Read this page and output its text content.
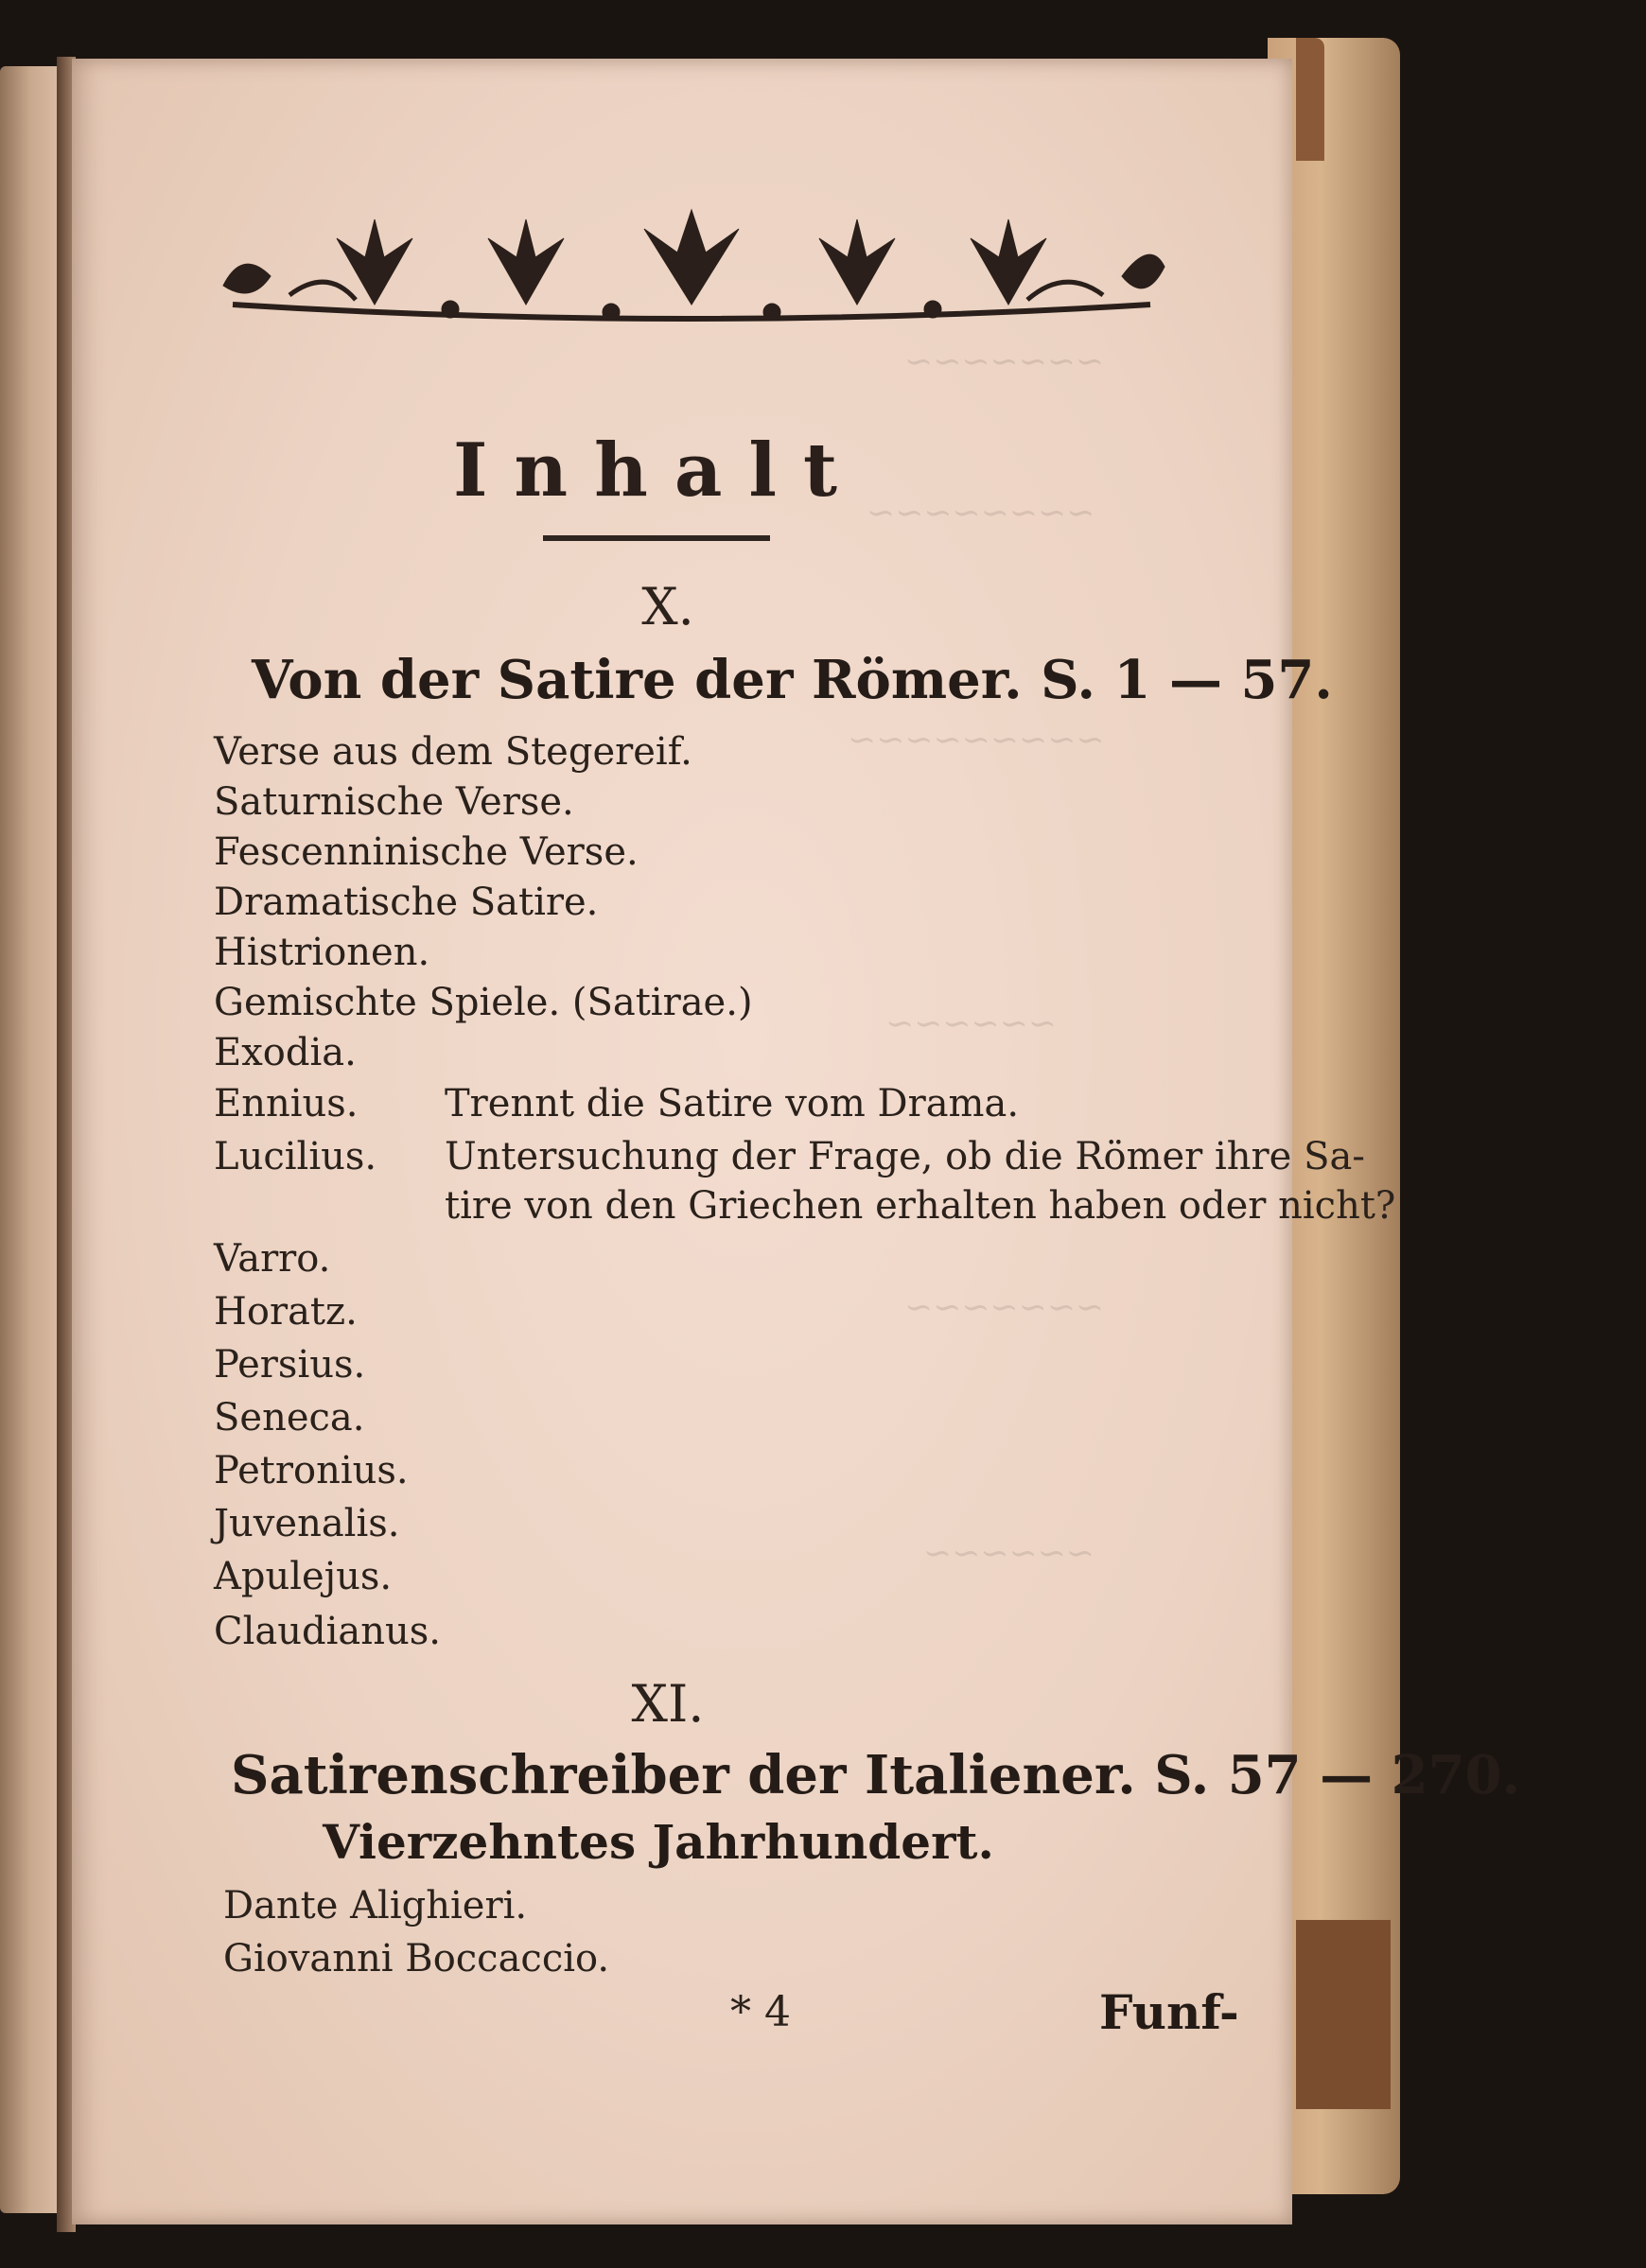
~~~~~~~
~~~~~~~~
~~~~~~~~~
~~~~~~
~~~~~~~
~~~~~~
Inhalt
X.
Von der Satire der Römer. S. 1 — 57.
Verse aus dem Stegereif.
Saturnische Verse.
Fescenninische Verse.
Dramatische Satire.
Histrionen.
Gemischte Spiele. (Satirae.)
Exodia.
Ennius. Trennt die Satire vom Drama.
Lucilius. Untersuchung der Frage, ob die Römer ihre Sa-
tire von den Griechen erhalten haben oder nicht?
Varro.
Horatz.
Persius.
Seneca.
Petronius.
Juvenalis.
Apulejus.
Claudianus.
XI.
Satirenschreiber der Italiener. S. 57 — 270.
Vierzehntes Jahrhundert.
Dante Alighieri.
Giovanni Boccaccio.
* 4	Funf-
